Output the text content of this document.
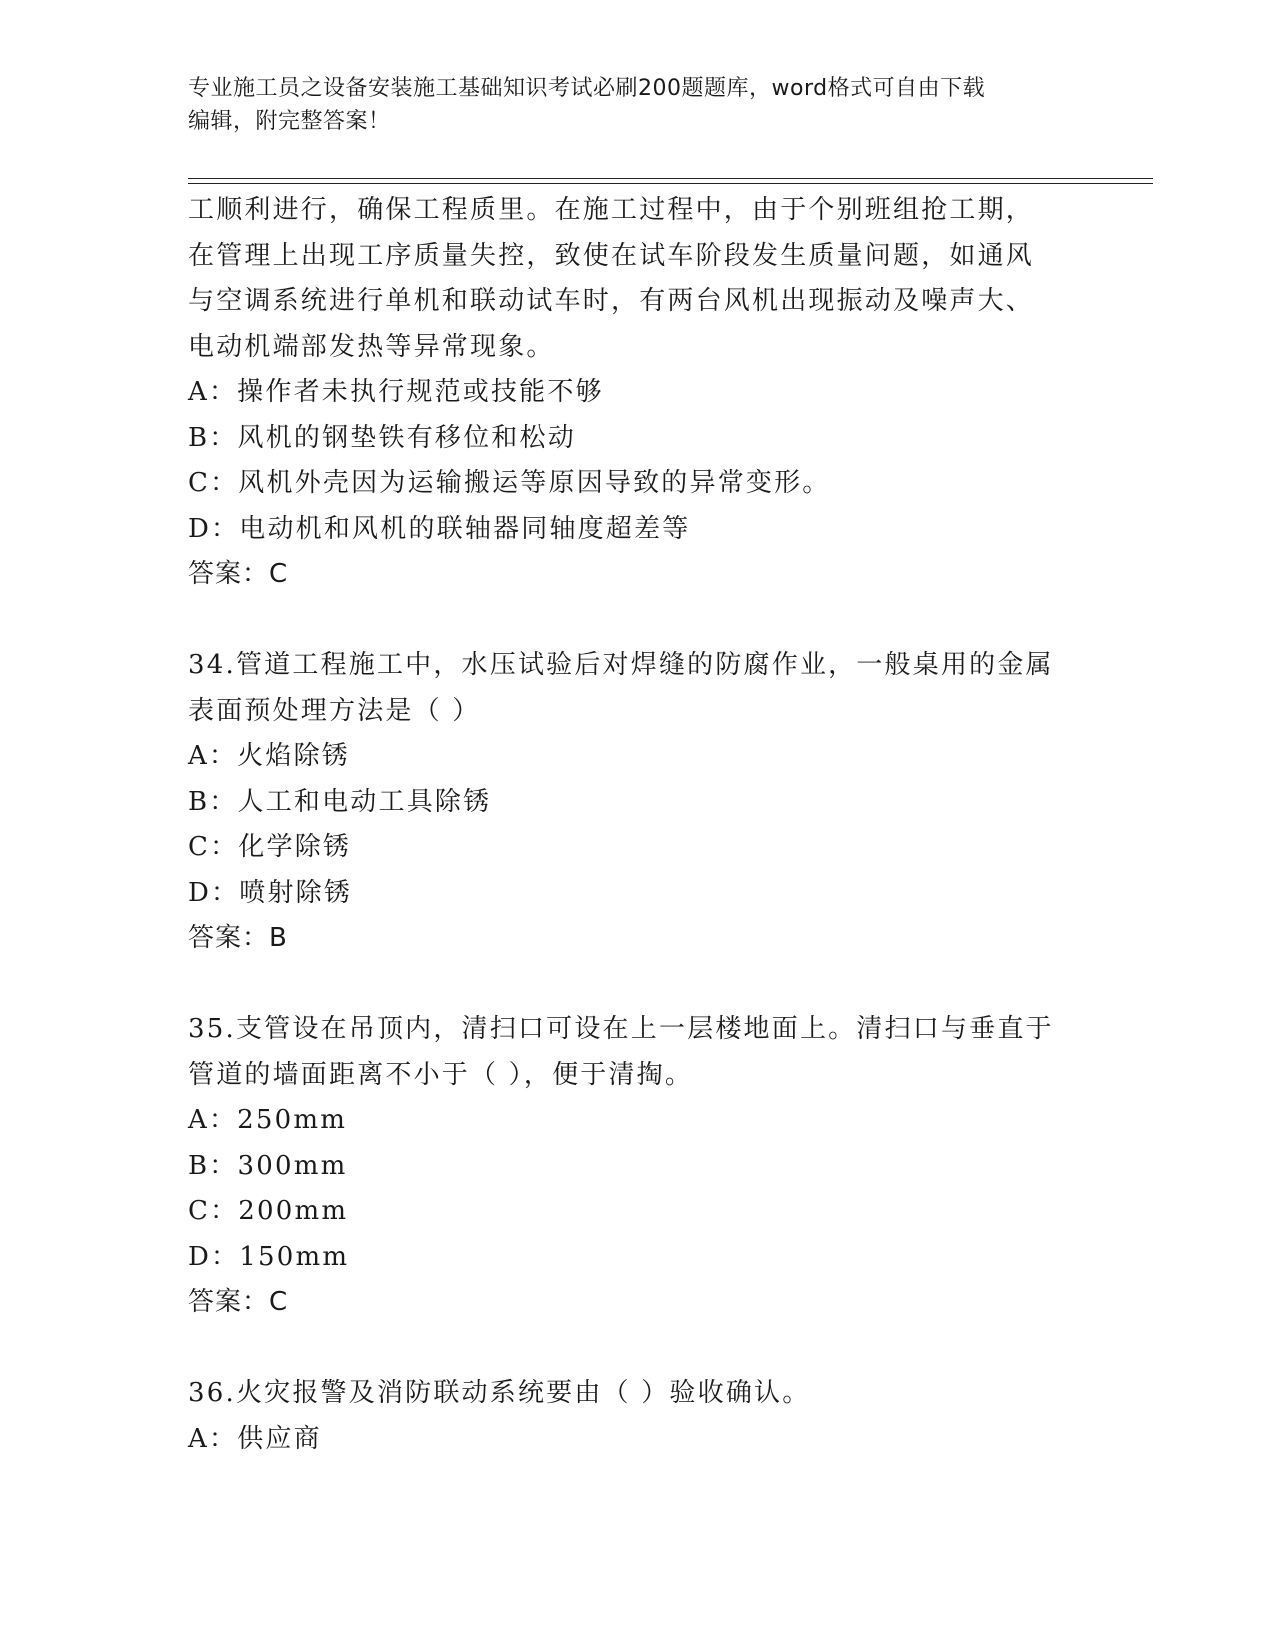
专业施工员之设备安装施工基础知识考试必刷200题题库，word格式可自由下载
编辑，附完整答案！
工顺利进行，确保工程质里。在施工过程中，由于个别班组抢工期，
在管理上出现工序质量失控，致使在试车阶段发生质量问题，如通风
与空调系统进行单机和联动试车时，有两台风机出现振动及噪声大、
电动机端部发热等异常现象。
A：操作者未执行规范或技能不够
B：风机的钢垫铁有移位和松动
C：风机外壳因为运输搬运等原因导致的异常变形。
D：电动机和风机的联轴器同轴度超差等
答案：C
34.管道工程施工中，水压试验后对焊缝的防腐作业，一般桌用的金属
表面预处理方法是（ ）
A：火焰除锈
B：人工和电动工具除锈
C：化学除锈
D：喷射除锈
答案：B
35.支管设在吊顶内，清扫口可设在上一层楼地面上。清扫口与垂直于
管道的墙面距离不小于（ ），便于清掏。
A：250mm
B：300mm
C：200mm
D：150mm
答案：C
36.火灾报警及消防联动系统要由（ ）验收确认。
A：供应商
